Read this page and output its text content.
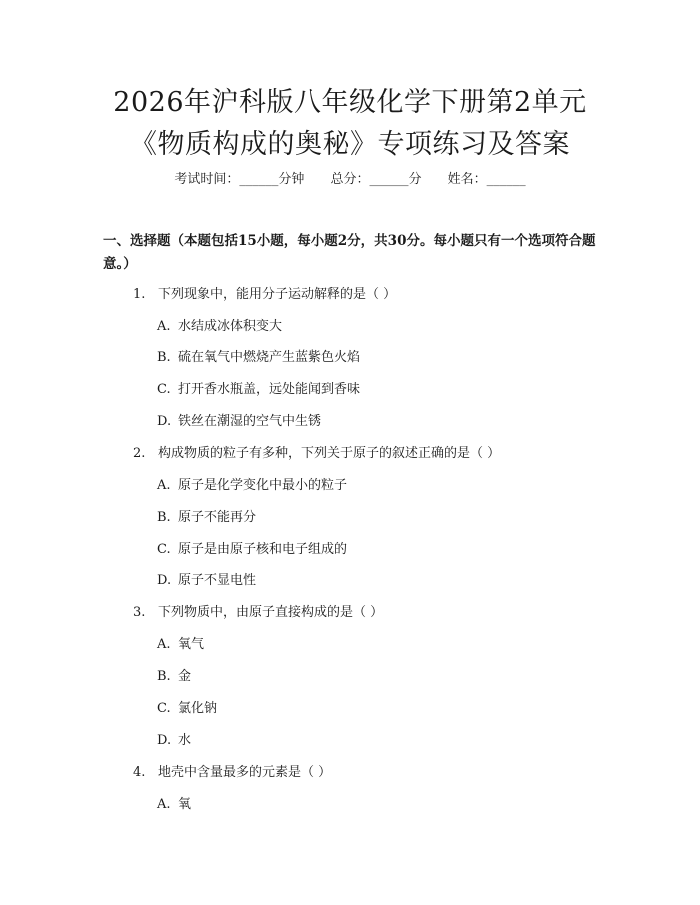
2026年沪科版八年级化学下册第2单元《物质构成的奥秘》专项练习及答案
考试时间：______分钟 总分：______分 姓名：______
一、选择题（本题包括15小题，每小题2分，共30分。每小题只有一个选项符合题意。）
1. 下列现象中，能用分子运动解释的是（ ）
A. 水结成冰体积变大
B. 硫在氧气中燃烧产生蓝紫色火焰
C. 打开香水瓶盖，远处能闻到香味
D. 铁丝在潮湿的空气中生锈
2. 构成物质的粒子有多种，下列关于原子的叙述正确的是（ ）
A. 原子是化学变化中最小的粒子
B. 原子不能再分
C. 原子是由原子核和电子组成的
D. 原子不显电性
3. 下列物质中，由原子直接构成的是（ ）
A. 氧气
B. 金
C. 氯化钠
D. 水
4. 地壳中含量最多的元素是（ ）
A. 氧
